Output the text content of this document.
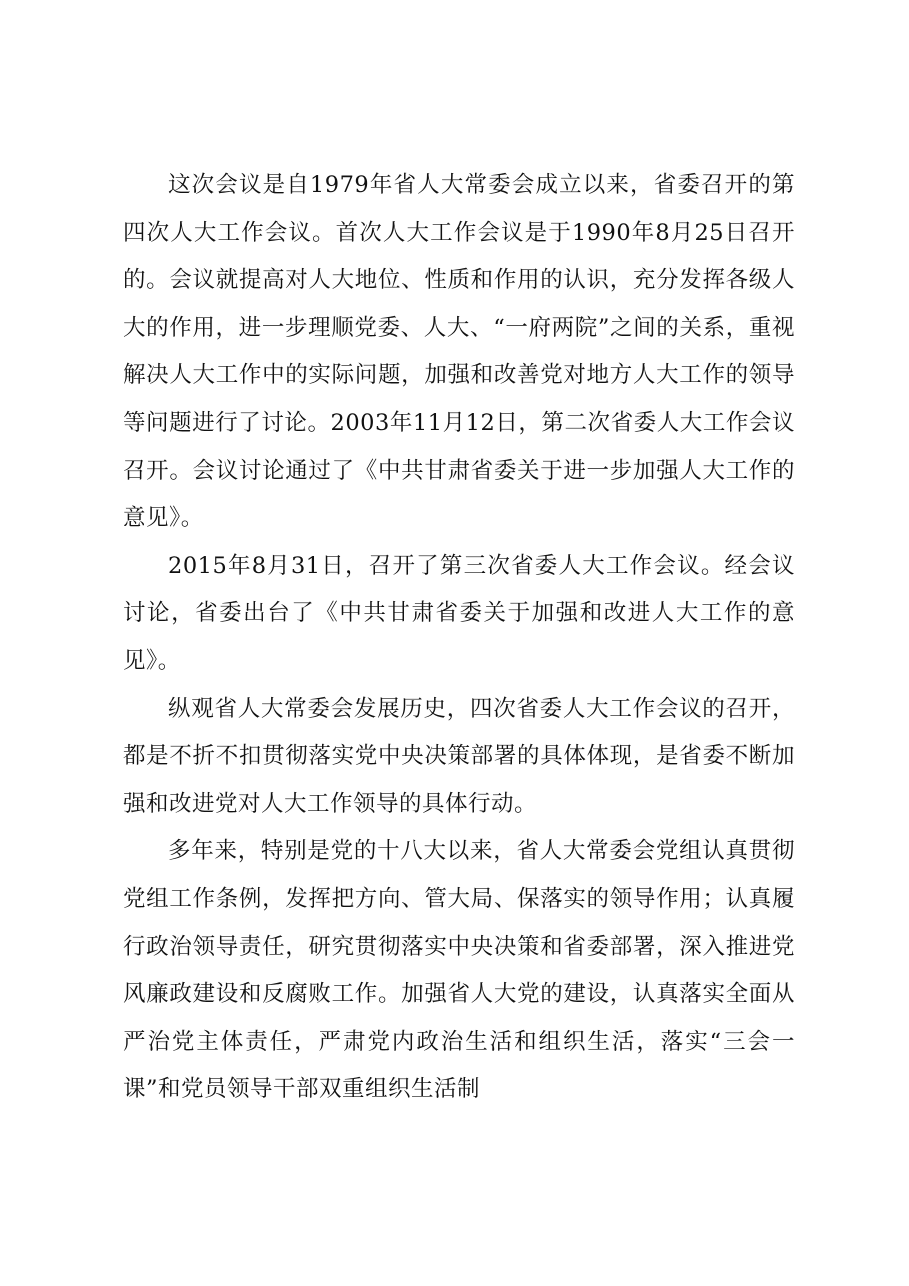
这次会议是自1979年省人大常委会成立以来，省委召开的第四次人大工作会议。首次人大工作会议是于1990年8月25日召开的。会议就提高对人大地位、性质和作用的认识，充分发挥各级人大的作用，进一步理顺党委、人大、“一府两院”之间的关系，重视解决人大工作中的实际问题，加强和改善党对地方人大工作的领导等问题进行了讨论。2003年11月12日，第二次省委人大工作会议召开。会议讨论通过了《中共甘肃省委关于进一步加强人大工作的意见》。

2015年8月31日，召开了第三次省委人大工作会议。经会议讨论，省委出台了《中共甘肃省委关于加强和改进人大工作的意见》。

纵观省人大常委会发展历史，四次省委人大工作会议的召开，都是不折不扣贯彻落实党中央决策部署的具体体现，是省委不断加强和改进党对人大工作领导的具体行动。

多年来，特别是党的十八大以来，省人大常委会党组认真贯彻党组工作条例，发挥把方向、管大局、保落实的领导作用；认真履行政治领导责任，研究贯彻落实中央决策和省委部署，深入推进党风廉政建设和反腐败工作。加强省人大党的建设，认真落实全面从严治党主体责任，严肃党内政治生活和组织生活，落实“三会一课”和党员领导干部双重组织生活制
